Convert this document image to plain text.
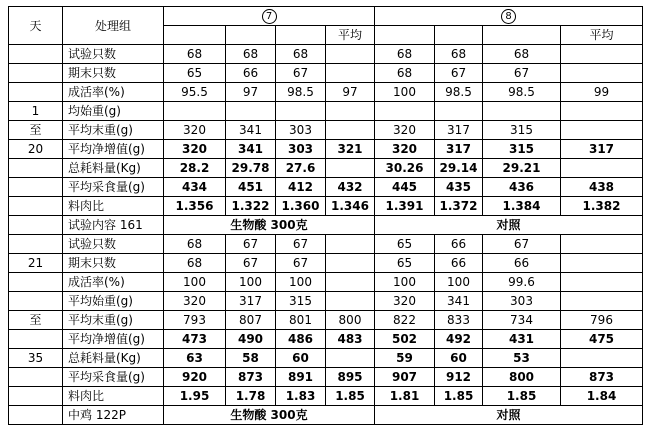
天	处理组	7				8			
					平均				平均
	试验只数	68	68	68		68	68	68	
	期末只数	65	66	67		68	67	67	
	成活率(%)	95.5	97	98.5	97	100	98.5	98.5	99
1	均始重(g)								
至	平均末重(g)	320	341	303		320	317	315	
20	平均净增值(g)	320	341	303	321	320	317	315	317
	总耗料量(Kg)	28.2	29.78	27.6		30.26	29.14	29.21	
	平均采食量(g)	434	451	412	432	445	435	436	438
	料肉比	1.356	1.322	1.360	1.346	1.391	1.372	1.384	1.382
	试验内容 161	生物酸 300克				对照			
	试验只数	68	67	67		65	66	67	
21	期末只数	68	67	67		65	66	66	
	成活率(%)	100	100	100		100	100	99.6	
	平均始重(g)	320	317	315		320	341	303	
至	平均末重(g)	793	807	801	800	822	833	734	796
	平均净增值(g)	473	490	486	483	502	492	431	475
35	总耗料量(Kg)	63	58	60		59	60	53	
	平均采食量(g)	920	873	891	895	907	912	800	873
	料肉比	1.95	1.78	1.83	1.85	1.81	1.85	1.85	1.84
	中鸡 122P	生物酸 300克				对照			
